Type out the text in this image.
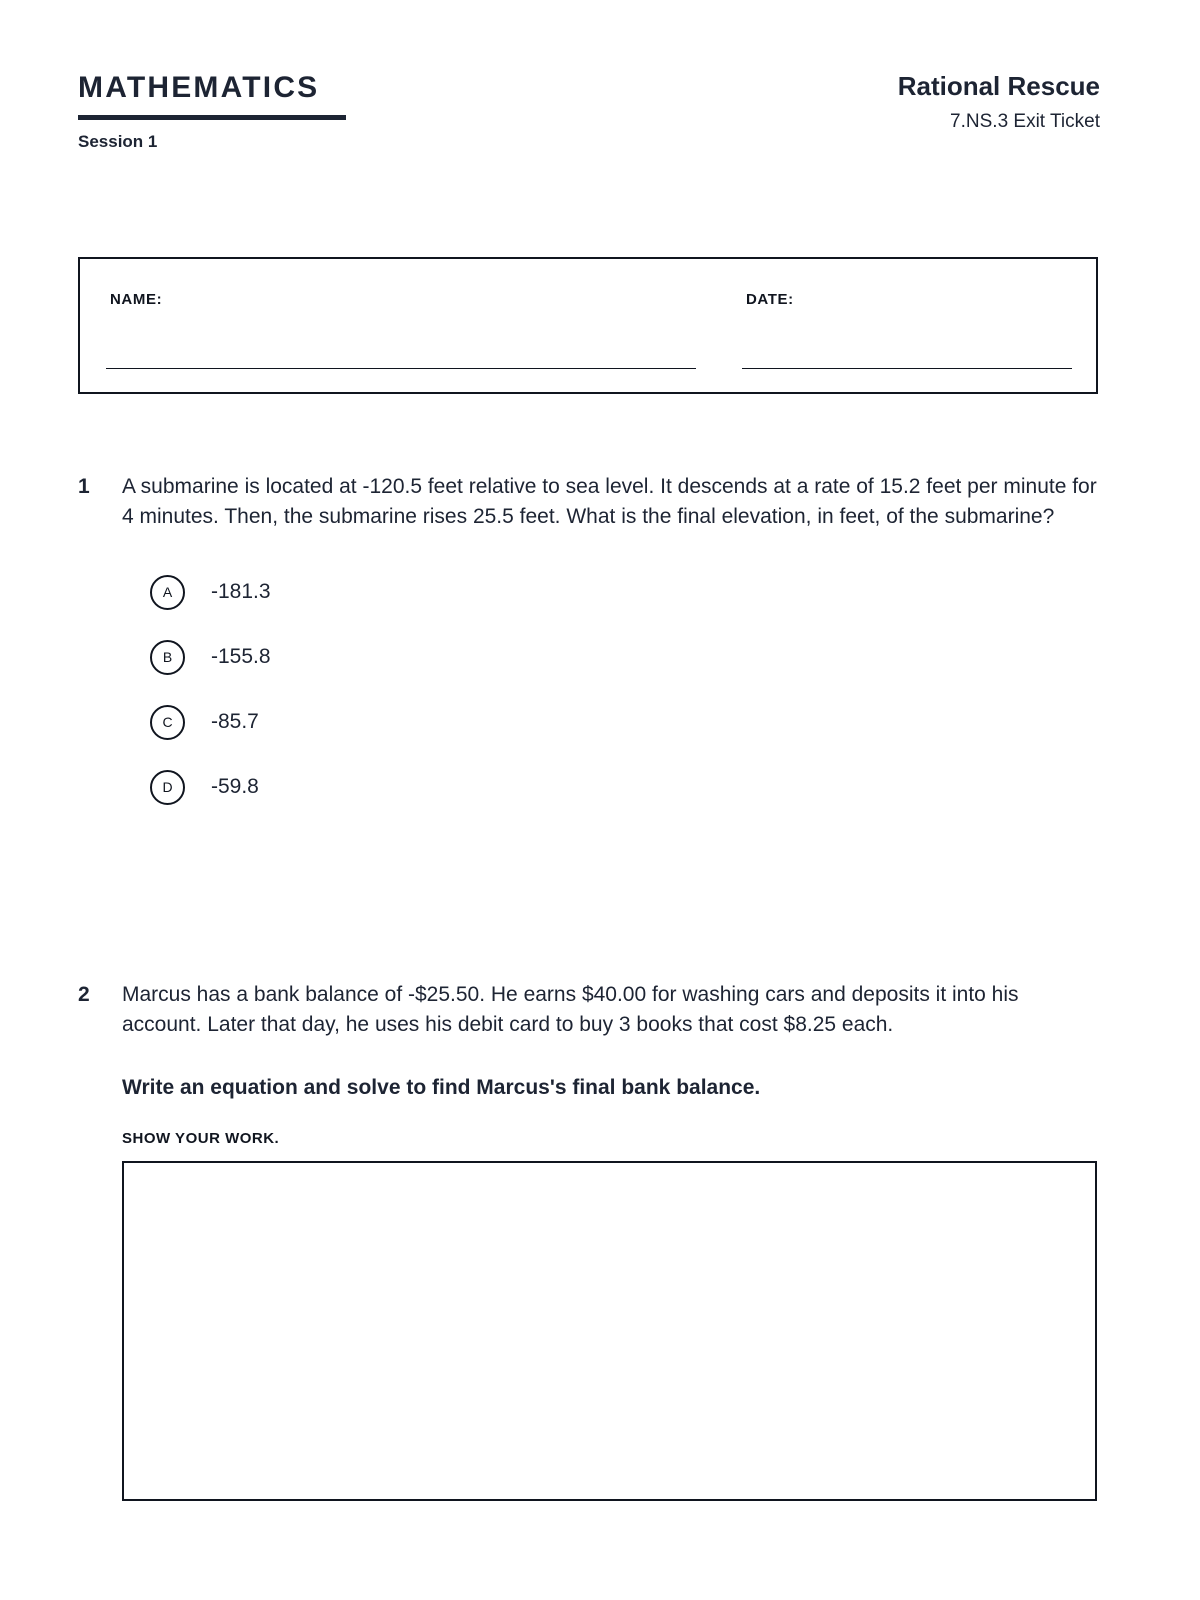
MATHEMATICS
Session 1
Rational Rescue
7.NS.3 Exit Ticket
NAME:	DATE:
1	A submarine is located at -120.5 feet relative to sea level. It descends at a rate of 15.2 feet per minute for 4 minutes. Then, the submarine rises 25.5 feet. What is the final elevation, in feet, of the submarine?
A	-181.3
B	-155.8
C	-85.7
D	-59.8
2	Marcus has a bank balance of -$25.50. He earns $40.00 for washing cars and deposits it into his account. Later that day, he uses his debit card to buy 3 books that cost $8.25 each.
Write an equation and solve to find Marcus's final bank balance.
SHOW YOUR WORK.
